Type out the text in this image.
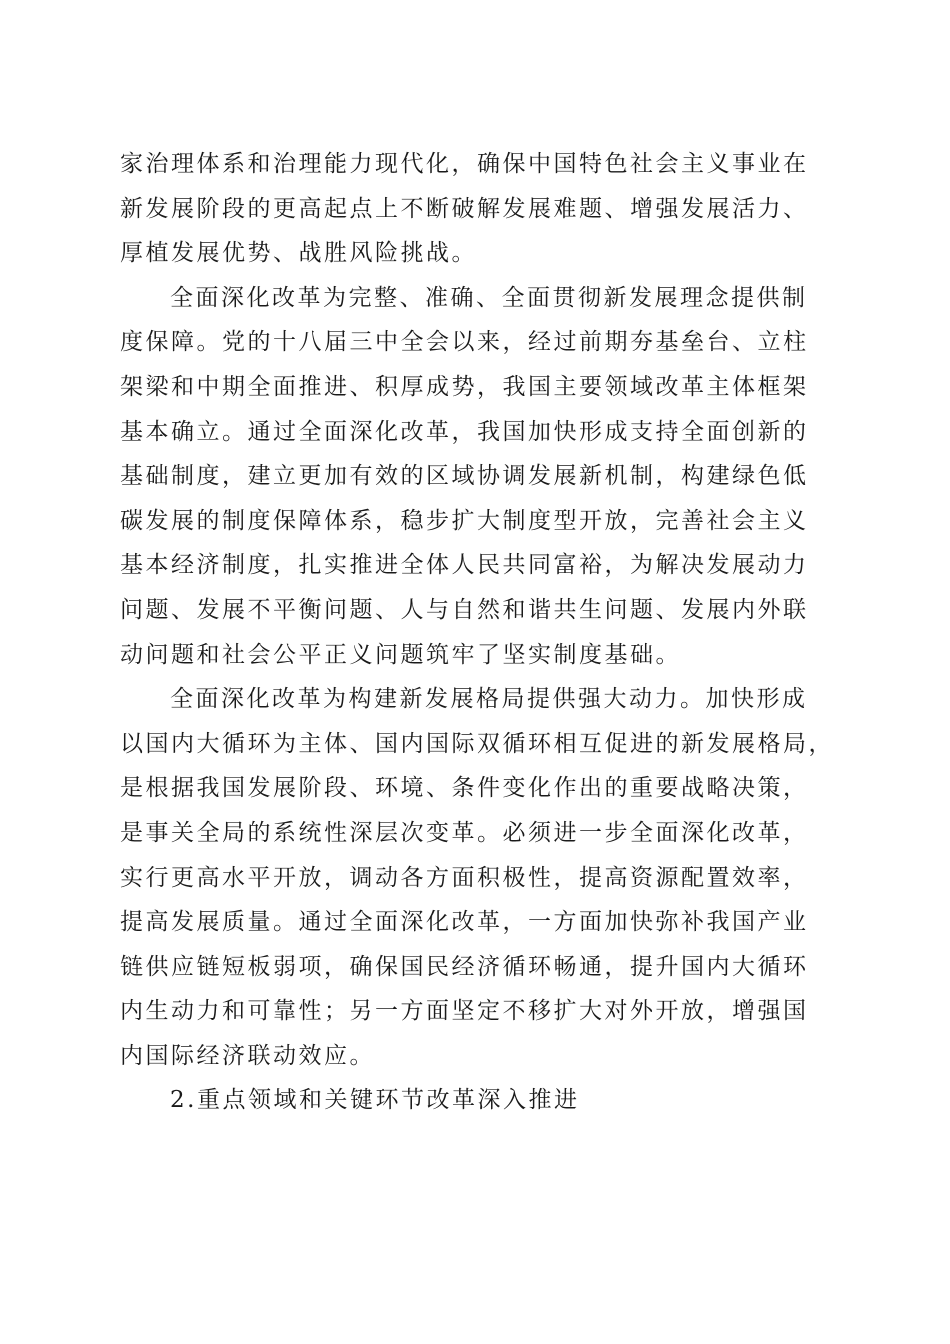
家治理体系和治理能力现代化，确保中国特色社会主义事业在
新发展阶段的更高起点上不断破解发展难题、增强发展活力、
厚植发展优势、战胜风险挑战。
全面深化改革为完整、准确、全面贯彻新发展理念提供制
度保障。党的十八届三中全会以来，经过前期夯基垒台、立柱
架梁和中期全面推进、积厚成势，我国主要领域改革主体框架
基本确立。通过全面深化改革，我国加快形成支持全面创新的
基础制度，建立更加有效的区域协调发展新机制，构建绿色低
碳发展的制度保障体系，稳步扩大制度型开放，完善社会主义
基本经济制度，扎实推进全体人民共同富裕，为解决发展动力
问题、发展不平衡问题、人与自然和谐共生问题、发展内外联
动问题和社会公平正义问题筑牢了坚实制度基础。
全面深化改革为构建新发展格局提供强大动力。加快形成
以国内大循环为主体、国内国际双循环相互促进的新发展格局，
是根据我国发展阶段、环境、条件变化作出的重要战略决策，
是事关全局的系统性深层次变革。必须进一步全面深化改革，
实行更高水平开放，调动各方面积极性，提高资源配置效率，
提高发展质量。通过全面深化改革，一方面加快弥补我国产业
链供应链短板弱项，确保国民经济循环畅通，提升国内大循环
内生动力和可靠性；另一方面坚定不移扩大对外开放，增强国
内国际经济联动效应。
2.重点领域和关键环节改革深入推进
